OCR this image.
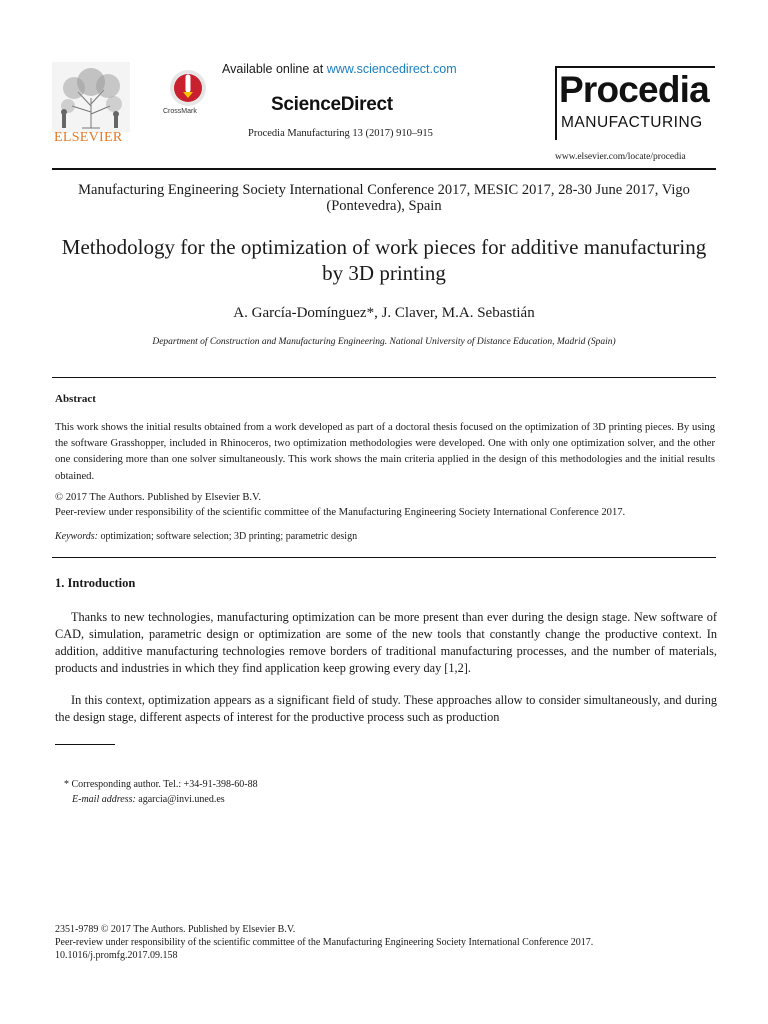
ELSEVIER
CrossMark
Available online at www.sciencedirect.com
ScienceDirect
Procedia Manufacturing 13 (2017) 910–915
Procedia
MANUFACTURING
www.elsevier.com/locate/procedia
Manufacturing Engineering Society International Conference 2017, MESIC 2017, 28-30 June 2017, Vigo (Pontevedra), Spain
Methodology for the optimization of work pieces for additive manufacturing by 3D printing
A. García-Domínguez*, J. Claver, M.A. Sebastián
Department of Construction and Manufacturing Engineering. National University of Distance Education, Madrid (Spain)
Abstract
This work shows the initial results obtained from a work developed as part of a doctoral thesis focused on the optimization of 3D printing pieces. By using the software Grasshopper, included in Rhinoceros, two optimization methodologies were developed. One with only one optimization solver, and the other one considering more than one solver simultaneously. This work shows the main criteria applied in the design of this methodologies and the initial results obtained.
© 2017 The Authors. Published by Elsevier B.V.
Peer-review under responsibility of the scientific committee of the Manufacturing Engineering Society International Conference 2017.
Keywords: optimization; software selection; 3D printing; parametric design
1. Introduction
Thanks to new technologies, manufacturing optimization can be more present than ever during the design stage. New software of CAD, simulation, parametric design or optimization are some of the new tools that constantly change the productive context. In addition, additive manufacturing technologies remove borders of traditional manufacturing processes, and the number of materials, products and industries in which they find application keep growing every day [1,2].
In this context, optimization appears as a significant field of study. These approaches allow to consider simultaneously, and during the design stage, different aspects of interest for the productive process such as production
* Corresponding author. Tel.: +34-91-398-60-88
E-mail address: agarcia@invi.uned.es
2351-9789 © 2017 The Authors. Published by Elsevier B.V.
Peer-review under responsibility of the scientific committee of the Manufacturing Engineering Society International Conference 2017.
10.1016/j.promfg.2017.09.158
